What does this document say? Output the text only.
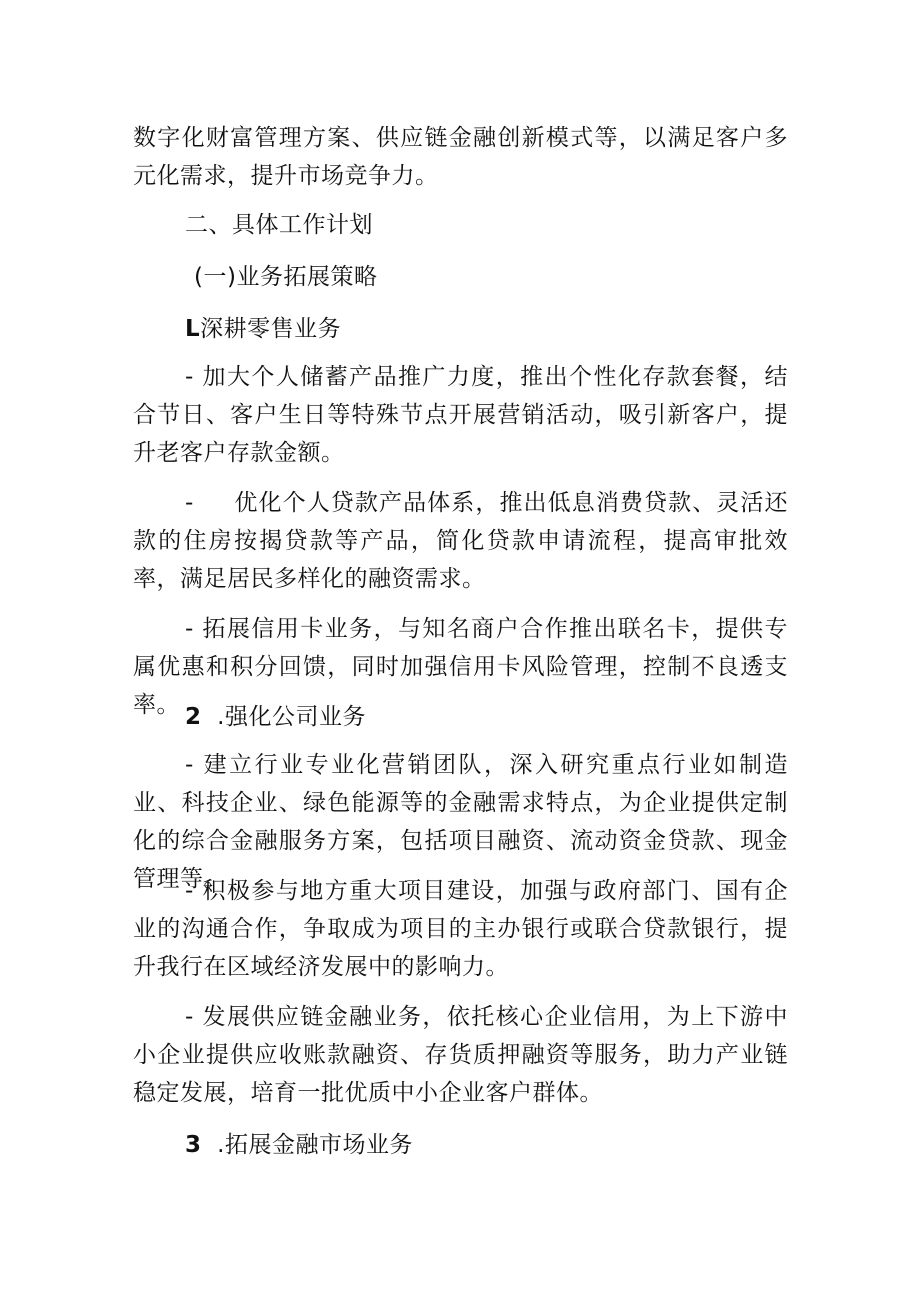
数字化财富管理方案、供应链金融创新模式等，以满足客户多元化需求，提升市场竞争力。

二、具体工作计划

(一)业务拓展策略

L深耕零售业务

- 加大个人储蓄产品推广力度，推出个性化存款套餐，结合节日、客户生日等特殊节点开展营销活动，吸引新客户，提升老客户存款金额。

- 优化个人贷款产品体系，推出低息消费贷款、灵活还款的住房按揭贷款等产品，简化贷款申请流程，提高审批效率，满足居民多样化的融资需求。

- 拓展信用卡业务，与知名商户合作推出联名卡，提供专属优惠和积分回馈，同时加强信用卡风险管理，控制不良透支率。 2 .强化公司业务

- 建立行业专业化营销团队，深入研究重点行业如制造业、科技企业、绿色能源等的金融需求特点，为企业提供定制化的综合金融服务方案，包括项目融资、流动资金贷款、现金管理等。

- 积极参与地方重大项目建设，加强与政府部门、国有企业的沟通合作，争取成为项目的主办银行或联合贷款银行，提升我行在区域经济发展中的影响力。

- 发展供应链金融业务，依托核心企业信用，为上下游中小企业提供应收账款融资、存货质押融资等服务，助力产业链稳定发展，培育一批优质中小企业客户群体。

3 .拓展金融市场业务
